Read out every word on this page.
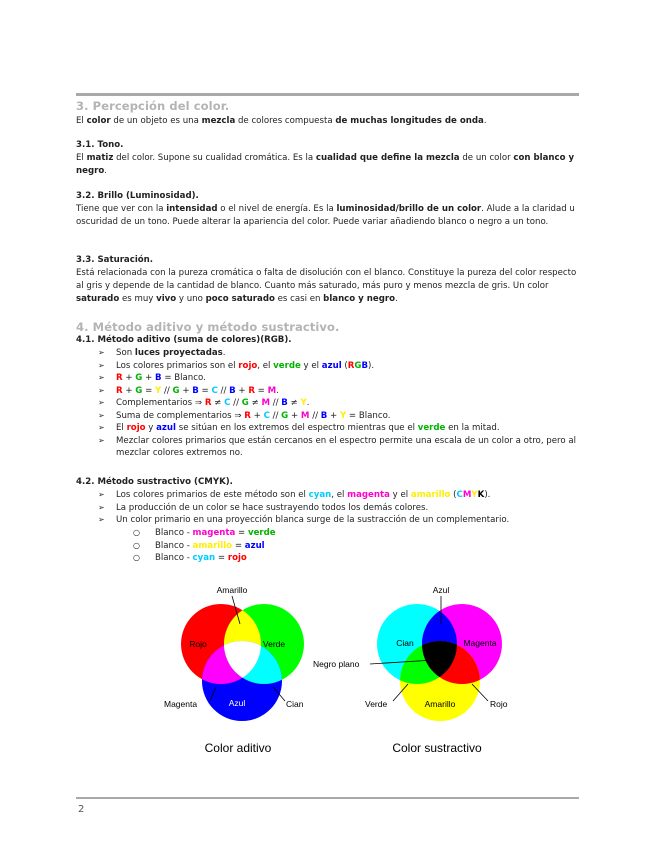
3. Percepción del color.

El color de un objeto es una mezcla de colores compuesta de muchas longitudes de onda.

3.1. Tono.

El matiz del color. Supone su cualidad cromática. Es la cualidad que define la mezcla de un color con blanco y negro.

3.2. Brillo (Luminosidad).

Tiene que ver con la intensidad o el nivel de energía. Es la luminosidad/brillo de un color. Alude a la claridad u oscuridad de un tono. Puede alterar la apariencia del color. Puede variar añadiendo blanco o negro a un tono.

3.3. Saturación.

Está relacionada con la pureza cromática o falta de disolución con el blanco. Constituye la pureza del color respecto al gris y depende de la cantidad de blanco. Cuanto más saturado, más puro y menos mezcla de gris. Un color saturado es muy vivo y uno poco saturado es casi en blanco y negro.

4. Método aditivo y método sustractivo.

4.1. Método aditivo (suma de colores)(RGB).

➢ Son luces proyectadas.
➢ Los colores primarios son el rojo, el verde y el azul (RGB).
➢ R + G + B = Blanco.
➢ R + G = Y // G + B = C // B + R = M.
➢ Complementarios ⇒ R ≠ C // G ≠ M // B ≠ Y.
➢ Suma de complementarios ⇒ R + C // G + M // B + Y = Blanco.
➢ El rojo y azul se sitúan en los extremos del espectro mientras que el verde en la mitad.
➢ Mezclar colores primarios que están cercanos en el espectro permite una escala de un color a otro, pero al mezclar colores extremos no.

4.2. Método sustractivo (CMYK).

➢ Los colores primarios de este método son el cyan, el magenta y el amarillo (CMYK).
➢ La producción de un color se hace sustrayendo todos los demás colores.
➢ Un color primario en una proyección blanca surge de la sustracción de un complementario.
○ Blanco - magenta = verde
○ Blanco - amarillo = azul
○ Blanco - cyan = rojo
Amarillo
Rojo	Verde
Magenta	Azul	Cian
Color aditivo
Azul
Cian	Magenta
Negro plano
Verde	Amarillo	Rojo
Color sustractivo
2
